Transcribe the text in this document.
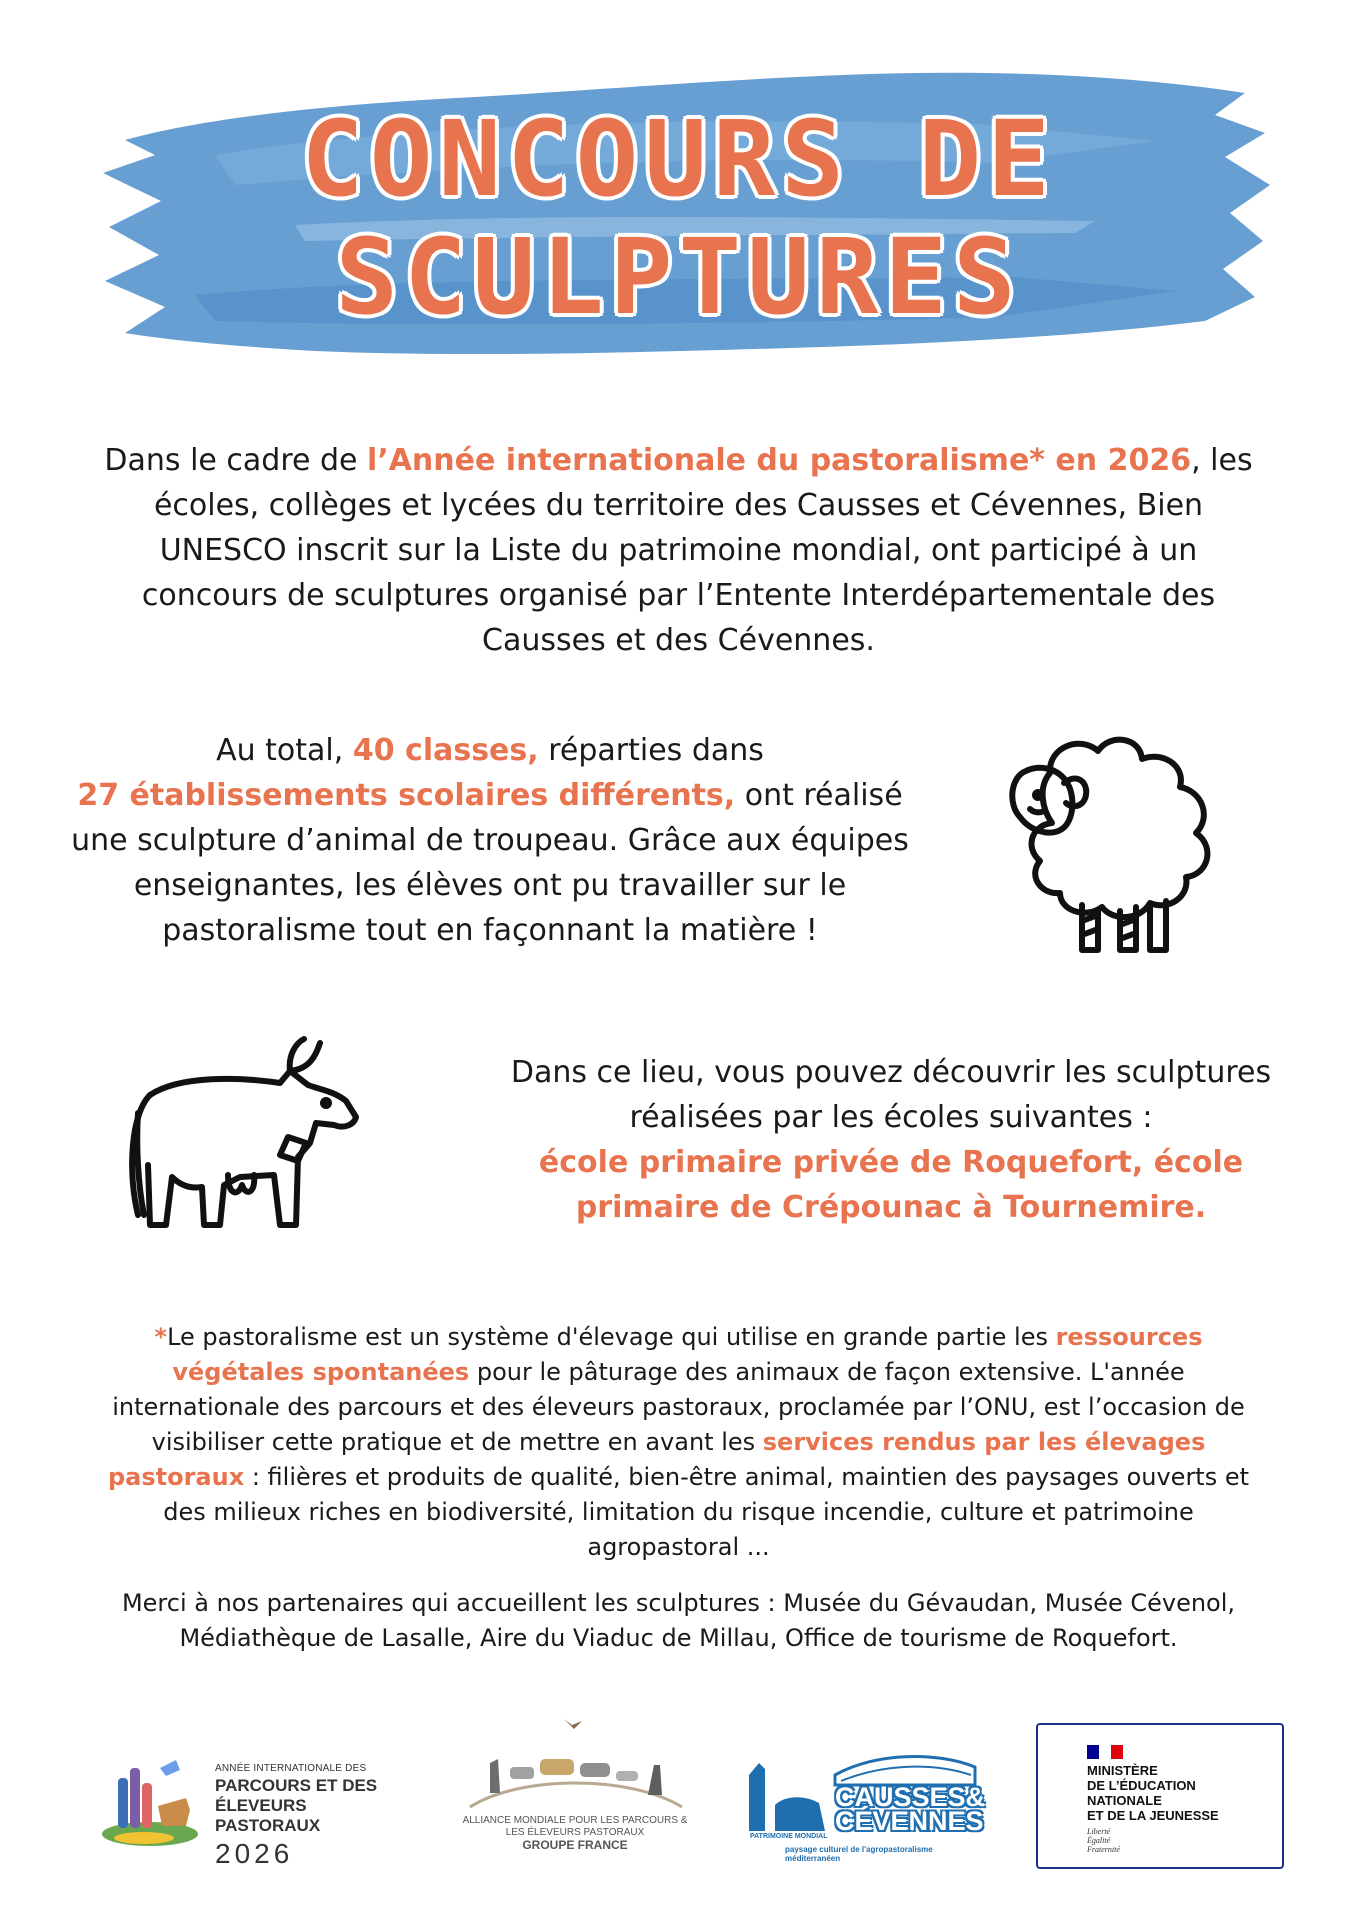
CONCOURS DE
SCULPTURES

Dans le cadre de l’Année internationale du pastoralisme* en 2026, les écoles, collèges et lycées du territoire des Causses et Cévennes, Bien UNESCO inscrit sur la Liste du patrimoine mondial, ont participé à un concours de sculptures organisé par l’Entente Interdépartementale des Causses et des Cévennes.

Au total, 40 classes, réparties dans
27 établissements scolaires différents, ont réalisé une sculpture d’animal de troupeau. Grâce aux équipes enseignantes, les élèves ont pu travailler sur le pastoralisme tout en façonnant la matière !

Dans ce lieu, vous pouvez découvrir les sculptures réalisées par les écoles suivantes :
école primaire privée de Roquefort, école primaire de Crépounac à Tournemire.

*Le pastoralisme est un système d'élevage qui utilise en grande partie les ressources végétales spontanées pour le pâturage des animaux de façon extensive. L'année internationale des parcours et des éleveurs pastoraux, proclamée par l’ONU, est l’occasion de visibiliser cette pratique et de mettre en avant les services rendus par les élevages pastoraux : filières et produits de qualité, bien-être animal, maintien des paysages ouverts et des milieux riches en biodiversité, limitation du risque incendie, culture et patrimoine agropastoral ...

Merci à nos partenaires qui accueillent les sculptures : Musée du Gévaudan, Musée Cévenol, Médiathèque de Lasalle, Aire du Viaduc de Millau, Office de tourisme de Roquefort.

ANNÉE INTERNATIONALE DES
PARCOURS ET DES
ÉLEVEURS PASTORAUX
2026
ALLIANCE MONDIALE POUR LES PARCOURS & LES ÉLEVEURS PASTORAUX
GROUPE FRANCE
CAUSSES&
CÉVENNES
PATRIMOINE MONDIAL
paysage culturel de l'agropastoralisme méditerranéen
MINISTÈRE
DE L’ÉDUCATION
NATIONALE
ET DE LA JEUNESSE
Liberté
Égalité
Fraternité
